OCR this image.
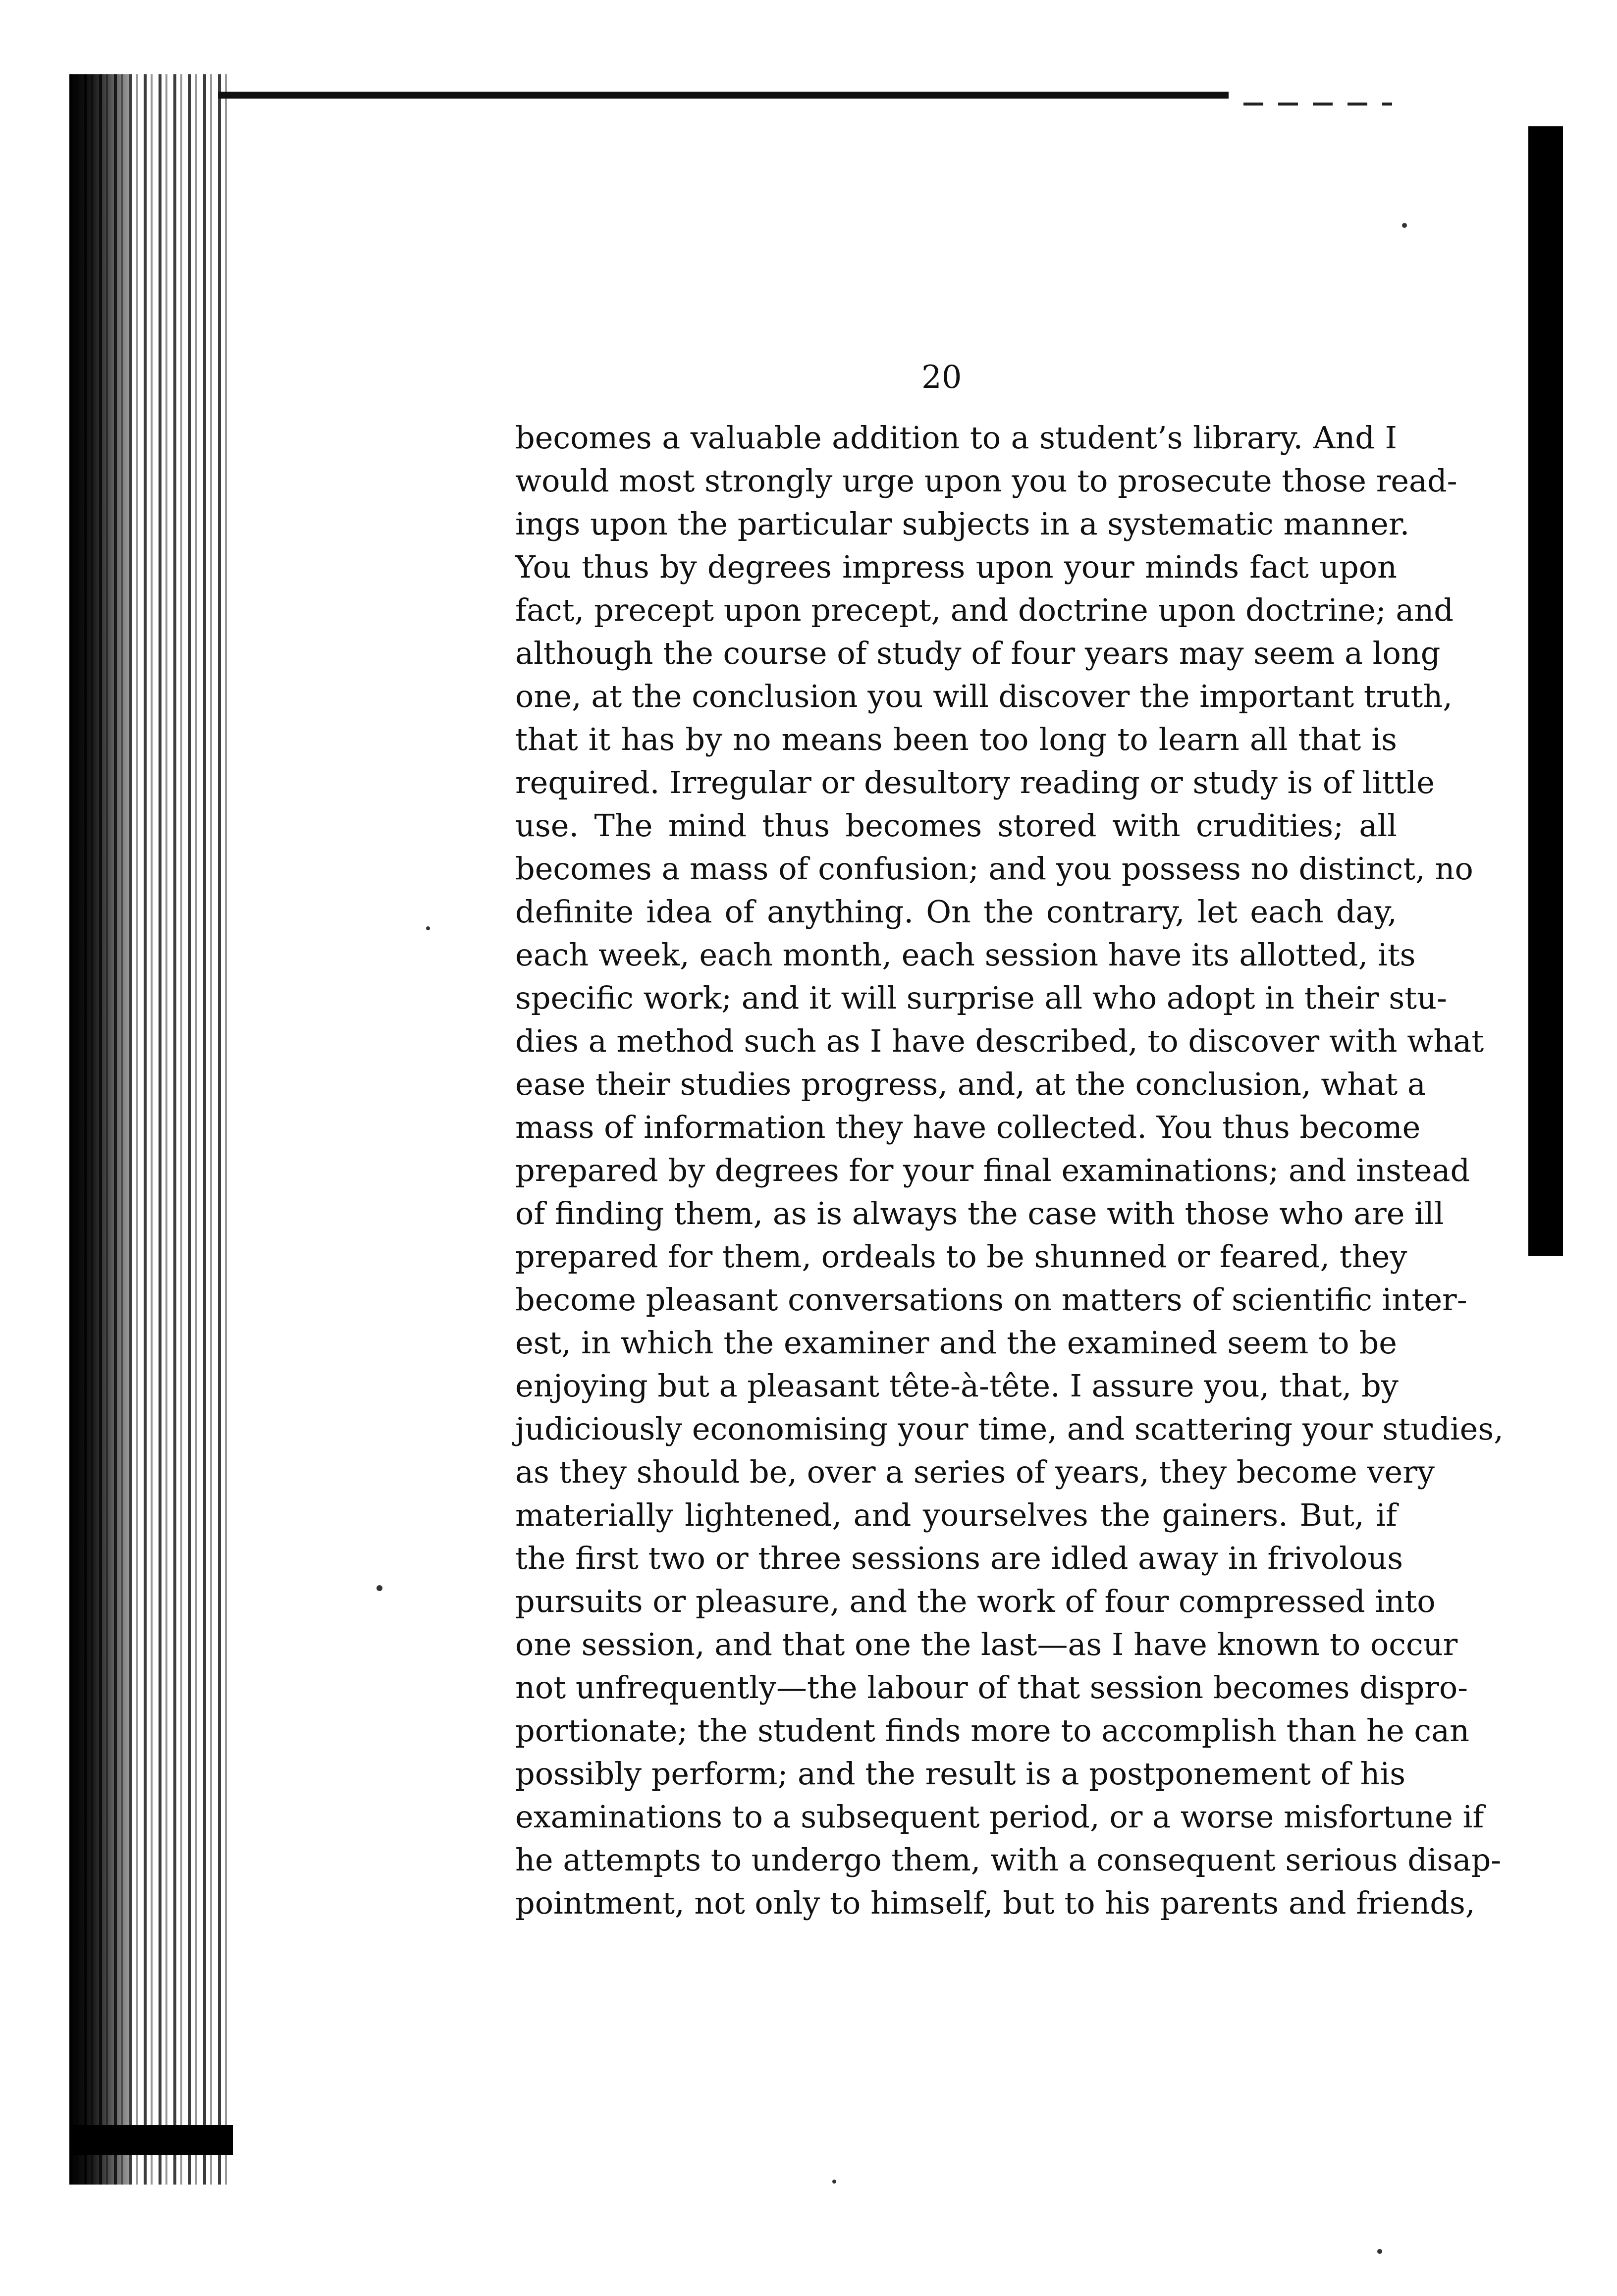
20
becomes a valuable addition to a student’s library. And I
would most strongly urge upon you to prosecute those read-
ings upon the particular subjects in a systematic manner.
You thus by degrees impress upon your minds fact upon
fact, precept upon precept, and doctrine upon doctrine; and
although the course of study of four years may seem a long
one, at the conclusion you will discover the important truth,
that it has by no means been too long to learn all that is
required. Irregular or desultory reading or study is of little
use. The mind thus becomes stored with crudities; all
becomes a mass of confusion; and you possess no distinct, no
definite idea of anything. On the contrary, let each day,
each week, each month, each session have its allotted, its
specific work; and it will surprise all who adopt in their stu-
dies a method such as I have described, to discover with what
ease their studies progress, and, at the conclusion, what a
mass of information they have collected. You thus become
prepared by degrees for your final examinations; and instead
of finding them, as is always the case with those who are ill
prepared for them, ordeals to be shunned or feared, they
become pleasant conversations on matters of scientific inter-
est, in which the examiner and the examined seem to be
enjoying but a pleasant tête-à-tête. I assure you, that, by
judiciously economising your time, and scattering your studies,
as they should be, over a series of years, they become very
materially lightened, and yourselves the gainers. But, if
the first two or three sessions are idled away in frivolous
pursuits or pleasure, and the work of four compressed into
one session, and that one the last—as I have known to occur
not unfrequently—the labour of that session becomes dispro-
portionate; the student finds more to accomplish than he can
possibly perform; and the result is a postponement of his
examinations to a subsequent period, or a worse misfortune if
he attempts to undergo them, with a consequent serious disap-
pointment, not only to himself, but to his parents and friends,
